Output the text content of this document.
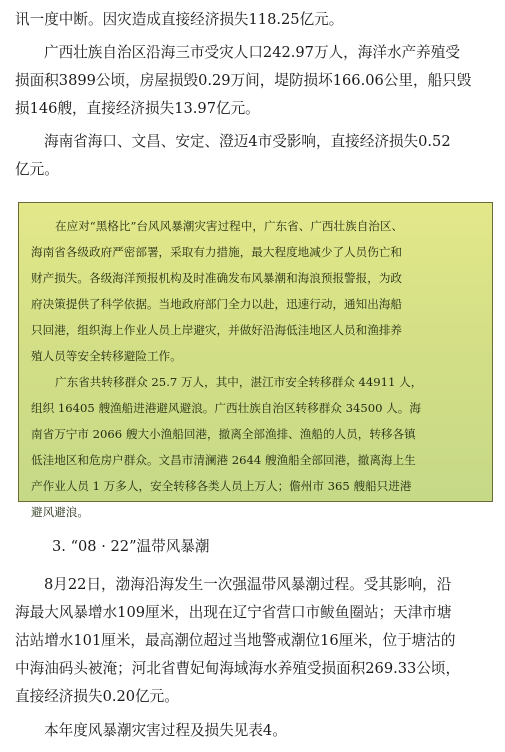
讯一度中断。因灾造成直接经济损失118.25亿元。

广西壮族自治区沿海三市受灾人口242.97万人，海洋水产养殖受
损面积3899公顷，房屋损毁0.29万间，堤防损坏166.06公里，船只毁
损146艘，直接经济损失13.97亿元。

海南省海口、文昌、安定、澄迈4市受影响，直接经济损失0.52
亿元。

在应对“黑格比”台风风暴潮灾害过程中，广东省、广西壮族自治区、
海南省各级政府严密部署，采取有力措施，最大程度地减少了人员伤亡和
财产损失。各级海洋预报机构及时准确发布风暴潮和海浪预报警报，为政
府决策提供了科学依据。当地政府部门全力以赴，迅速行动，通知出海船
只回港，组织海上作业人员上岸避灾，并做好沿海低洼地区人员和渔排养
殖人员等安全转移避险工作。
广东省共转移群众 25.7 万人，其中，湛江市安全转移群众 44911 人，
组织 16405 艘渔船进港避风避浪。广西壮族自治区转移群众 34500 人。海
南省万宁市 2066 艘大小渔船回港，撤离全部渔排、渔船的人员，转移各镇
低洼地区和危房户群众。文昌市清澜港 2644 艘渔船全部回港，撤离海上生
产作业人员 1 万多人，安全转移各类人员上万人；儋州市 365 艘船只进港
避风避浪。

3. “08 · 22”温带风暴潮

8月22日，渤海沿海发生一次强温带风暴潮过程。受其影响，沿
海最大风暴增水109厘米，出现在辽宁省营口市鲅鱼圈站；天津市塘
沽站增水101厘米，最高潮位超过当地警戒潮位16厘米，位于塘沽的
中海油码头被淹；河北省曹妃甸海域海水养殖受损面积269.33公顷，
直接经济损失0.20亿元。

本年度风暴潮灾害过程及损失见表4。
